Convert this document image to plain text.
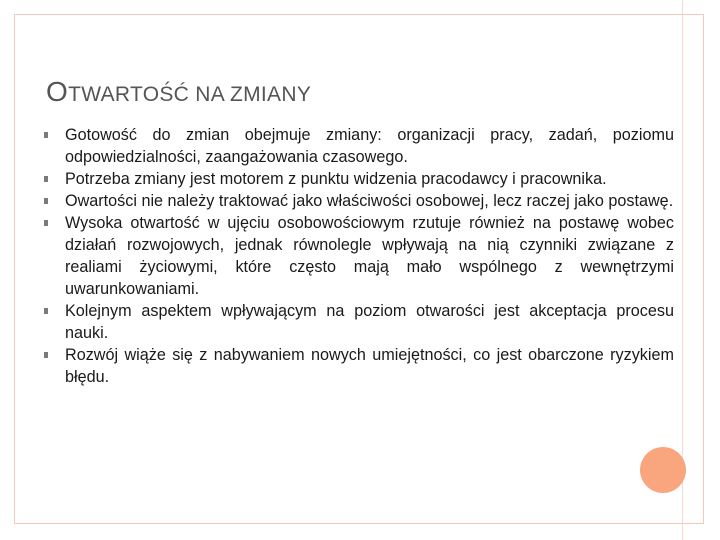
OTWARTOŚĆ NA ZMIANY
Gotowość do zmian obejmuje zmiany: organizacji pracy, zadań, poziomu odpowiedzialności, zaangażowania czasowego.
Potrzeba zmiany jest motorem z punktu widzenia pracodawcy i pracownika.
Owartości nie należy traktować jako właściwości osobowej, lecz raczej jako postawę.
Wysoka otwartość w ujęciu osobowościowym rzutuje również na postawę wobec działań rozwojowych, jednak równolegle wpływają na nią czynniki związane z realiami życiowymi, które często mają mało wspólnego z wewnętrzymi uwarunkowaniami.
Kolejnym aspektem wpływającym na poziom otwarości jest akceptacja procesu nauki.
Rozwój wiąże się z nabywaniem nowych umiejętności, co jest obarczone ryzykiem błędu.
